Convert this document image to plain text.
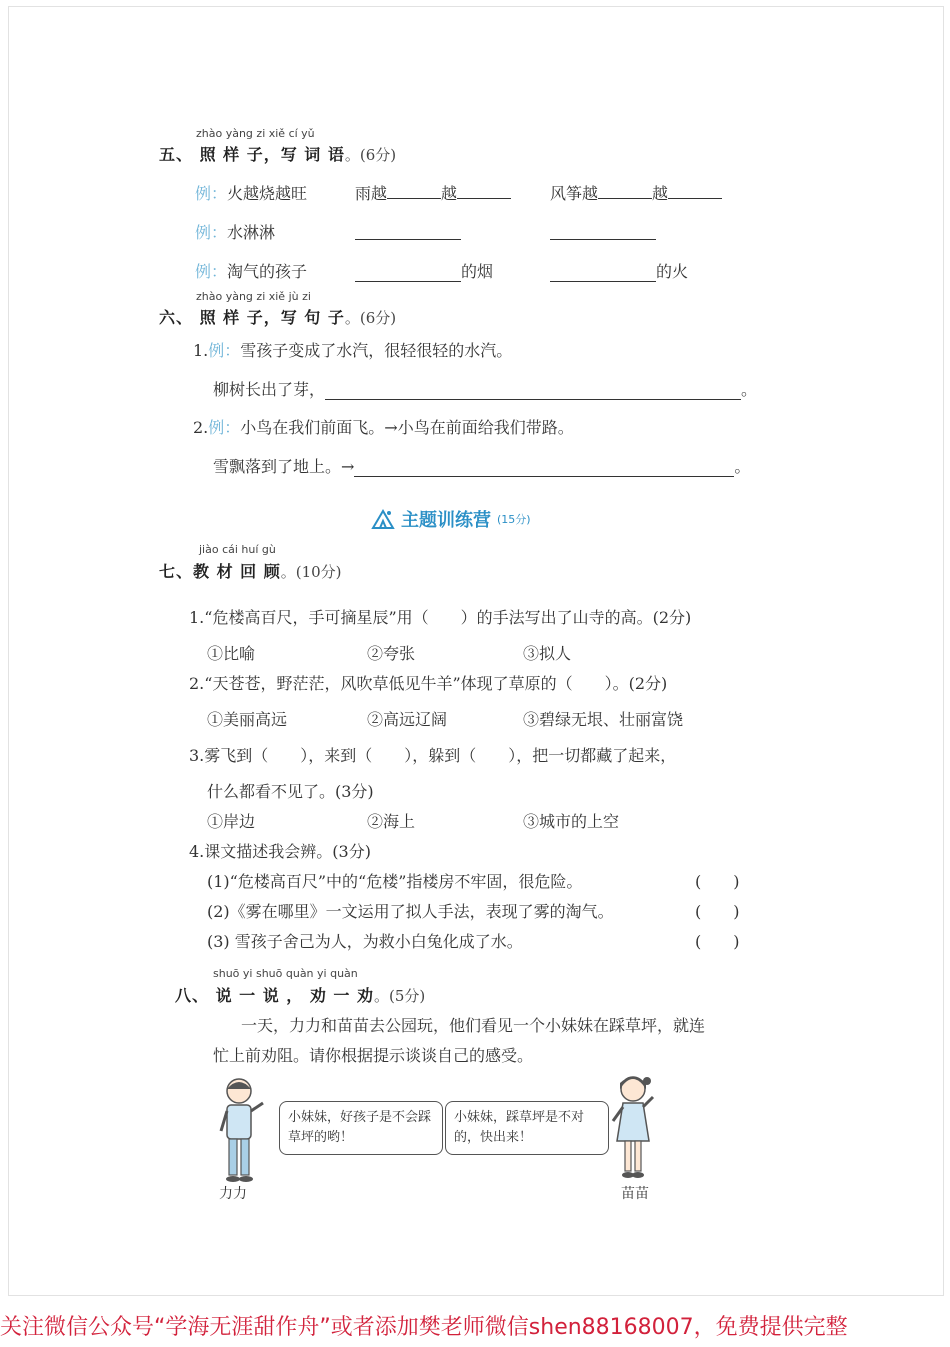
zhào yàng zi xiě cí yǔ
五、 照 样 子，写 词 语。(6分)
例：火越烧越旺	雨越	越	风筝越	越
例：水淋淋

例：淘气的孩子	的烟	的火
zhào yàng zi xiě jù zi
六、 照 样 子，写 句 子。(6分)
1.例：雪孩子变成了水汽，很轻很轻的水汽。
柳树长出了芽，	。
2.例：小鸟在我们前面飞。→小鸟在前面给我们带路。
雪飘落到了地上。→	。
主题训练营 (15分)
jiào cái huí gù
七、教 材 回 顾。(10分)
1.“危楼高百尺，手可摘星辰”用（　　）的手法写出了山寺的高。(2分)
①比喻	②夸张	③拟人
2.“天苍苍，野茫茫，风吹草低见牛羊”体现了草原的（　　）。(2分)
①美丽高远	②高远辽阔	③碧绿无垠、壮丽富饶
3.雾飞到（　　），来到（　　），躲到（　　），把一切都藏了起来，
什么都看不见了。(3分)
①岸边	②海上	③城市的上空
4.课文描述我会辨。(3分)
(1)“危楼高百尺”中的“危楼”指楼房不牢固，很危险。	(　　)
(2)《雾在哪里》一文运用了拟人手法，表现了雾的淘气。	(　　)
(3) 雪孩子舍己为人，为救小白兔化成了水。	(　　)
shuō yi shuō quàn yi quàn
八、 说 一 说 ， 劝 一 劝。(5分)
一天，力力和苗苗去公园玩，他们看见一个小妹妹在踩草坪，就连
忙上前劝阻。请你根据提示谈谈自己的感受。
力力
小妹妹，好孩子是不会踩草坪的哟！
小妹妹，踩草坪是不对的，快出来！
苗苗
关注微信公众号“学海无涯甜作舟”或者添加樊老师微信shen88168007，免费提供完整
